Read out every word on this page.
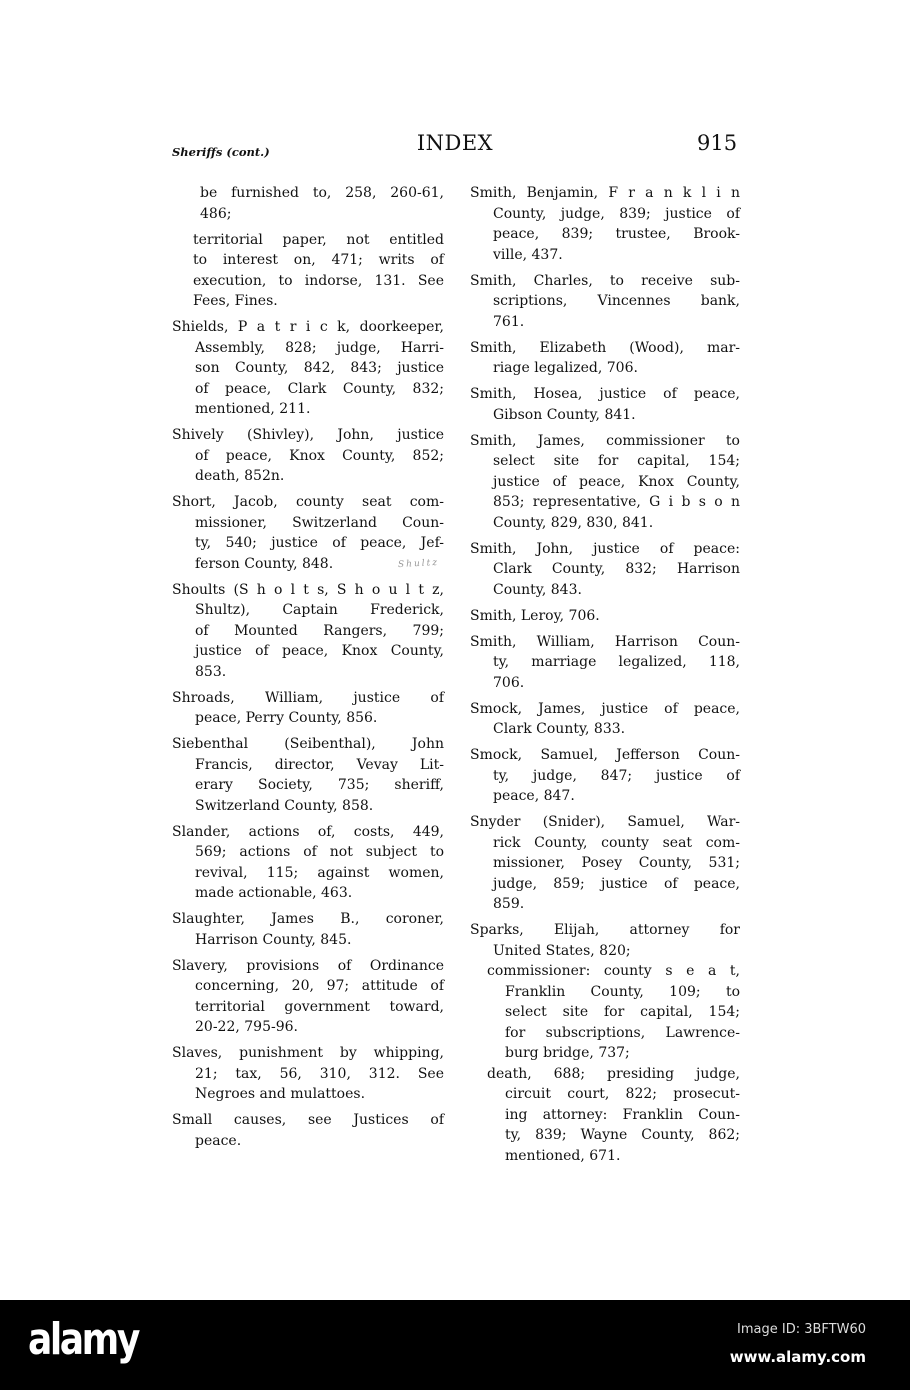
INDEX	915
Sheriffs (cont.)
be furnished to, 258, 260-61,
486;
territorial paper, not entitled
to interest on, 471; writs of
execution, to indorse, 131. See
Fees, Fines.
Shields, P a t r i c k, doorkeeper,
Assembly, 828; judge, Harri-
son County, 842, 843; justice
of peace, Clark County, 832;
mentioned, 211.
Shively (Shivley), John, justice
of peace, Knox County, 852;
death, 852n.
Short, Jacob, county seat com-
missioner, Switzerland Coun-
ty, 540; justice of peace, Jef-
ferson County, 848.
Shoults (S h o l t s, S h o u l t z,
Shultz), Captain Frederick,
of Mounted Rangers, 799;
justice of peace, Knox County,
853.
Shroads, William, justice of
peace, Perry County, 856.
Siebenthal (Seibenthal), John
Francis, director, Vevay Lit-
erary Society, 735; sheriff,
Switzerland County, 858.
Slander, actions of, costs, 449,
569; actions of not subject to
revival, 115; against women,
made actionable, 463.
Slaughter, James B., coroner,
Harrison County, 845.
Slavery, provisions of Ordinance
concerning, 20, 97; attitude of
territorial government toward,
20-22, 795-96.
Slaves, punishment by whipping,
21; tax, 56, 310, 312. See
Negroes and mulattoes.
Small causes, see Justices of
peace.
Shultz
Smith, Benjamin, F r a n k l i n
County, judge, 839; justice of
peace, 839; trustee, Brook-
ville, 437.
Smith, Charles, to receive sub-
scriptions, Vincennes bank,
761.
Smith, Elizabeth (Wood), mar-
riage legalized, 706.
Smith, Hosea, justice of peace,
Gibson County, 841.
Smith, James, commissioner to
select site for capital, 154;
justice of peace, Knox County,
853; representative, G i b s o n
County, 829, 830, 841.
Smith, John, justice of peace:
Clark County, 832; Harrison
County, 843.
Smith, Leroy, 706.
Smith, William, Harrison Coun-
ty, marriage legalized, 118,
706.
Smock, James, justice of peace,
Clark County, 833.
Smock, Samuel, Jefferson Coun-
ty, judge, 847; justice of
peace, 847.
Snyder (Snider), Samuel, War-
rick County, county seat com-
missioner, Posey County, 531;
judge, 859; justice of peace,
859.
Sparks, Elijah, attorney for
United States, 820;
commissioner: county s e a t,
Franklin County, 109; to
select site for capital, 154;
for subscriptions, Lawrence-
burg bridge, 737;
death, 688; presiding judge,
circuit court, 822; prosecut-
ing attorney: Franklin Coun-
ty, 839; Wayne County, 862;
mentioned, 671.
alamy	Image ID: 3BFTW60
www.alamy.com
